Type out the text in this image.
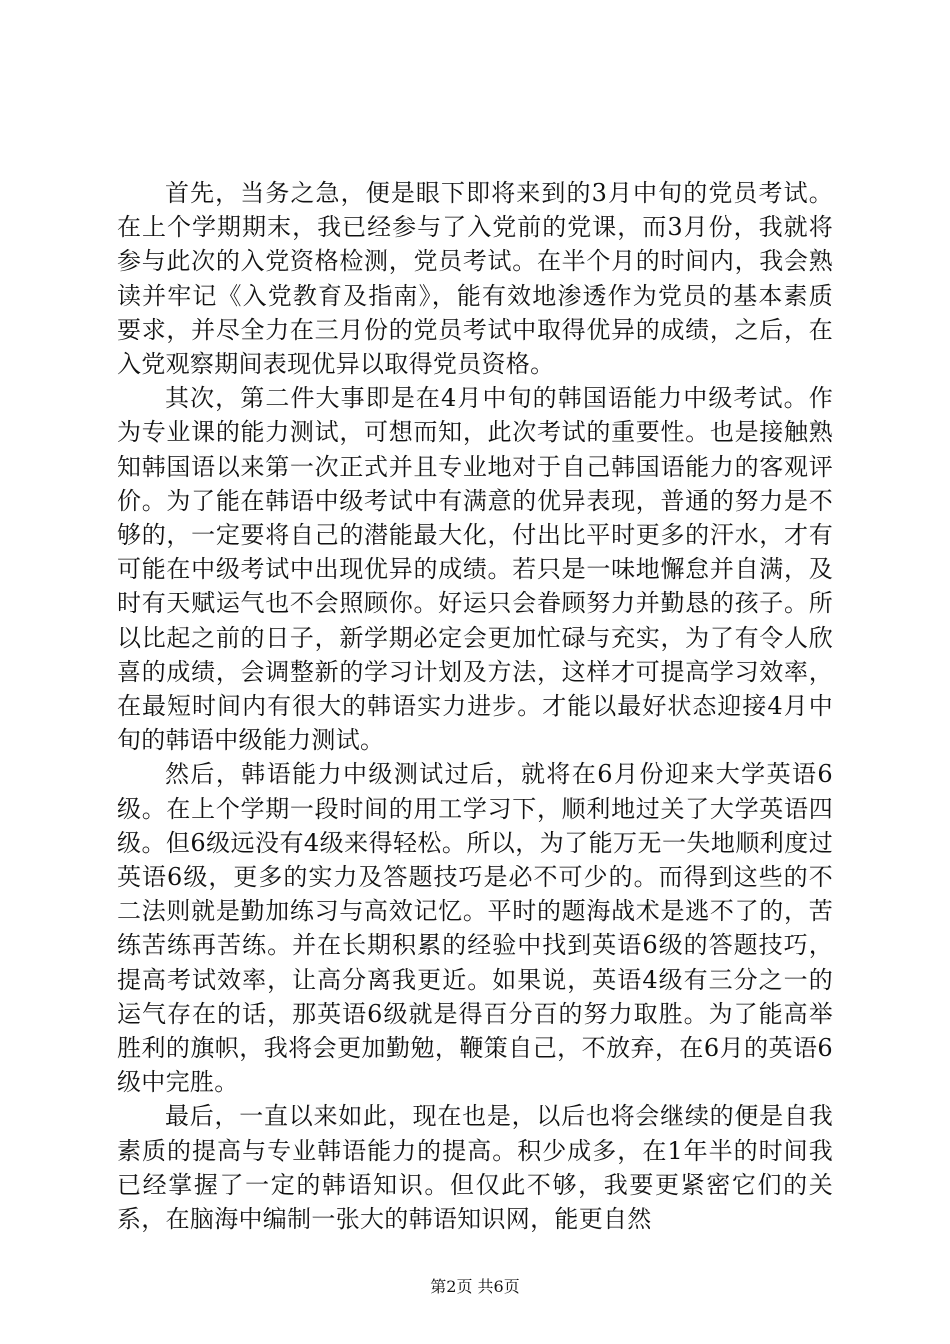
首先，当务之急，便是眼下即将来到的3月中旬的党员考试。在上个学期期末，我已经参与了入党前的党课，而3月份，我就将参与此次的入党资格检测，党员考试。在半个月的时间内，我会熟读并牢记《入党教育及指南》，能有效地渗透作为党员的基本素质要求，并尽全力在三月份的党员考试中取得优异的成绩，之后，在入党观察期间表现优异以取得党员资格。

其次，第二件大事即是在4月中旬的韩国语能力中级考试。作为专业课的能力测试，可想而知，此次考试的重要性。也是接触熟知韩国语以来第一次正式并且专业地对于自己韩国语能力的客观评价。为了能在韩语中级考试中有满意的优异表现，普通的努力是不够的，一定要将自己的潜能最大化，付出比平时更多的汗水，才有可能在中级考试中出现优异的成绩。若只是一味地懈怠并自满，及时有天赋运气也不会照顾你。好运只会眷顾努力并勤恳的孩子。所以比起之前的日子，新学期必定会更加忙碌与充实，为了有令人欣喜的成绩，会调整新的学习计划及方法，这样才可提高学习效率，在最短时间内有很大的韩语实力进步。才能以最好状态迎接4月中旬的韩语中级能力测试。

然后，韩语能力中级测试过后，就将在6月份迎来大学英语6级。在上个学期一段时间的用工学习下，顺利地过关了大学英语四级。但6级远没有4级来得轻松。所以，为了能万无一失地顺利度过英语6级，更多的实力及答题技巧是必不可少的。而得到这些的不二法则就是勤加练习与高效记忆。平时的题海战术是逃不了的，苦练苦练再苦练。并在长期积累的经验中找到英语6级的答题技巧，提高考试效率，让高分离我更近。如果说，英语4级有三分之一的运气存在的话，那英语6级就是得百分百的努力取胜。为了能高举胜利的旗帜，我将会更加勤勉，鞭策自己，不放弃，在6月的英语6级中完胜。

最后，一直以来如此，现在也是，以后也将会继续的便是自我素质的提高与专业韩语能力的提高。积少成多，在1年半的时间我已经掌握了一定的韩语知识。但仅此不够，我要更紧密它们的关系，在脑海中编制一张大的韩语知识网，能更自然

第2页 共6页
